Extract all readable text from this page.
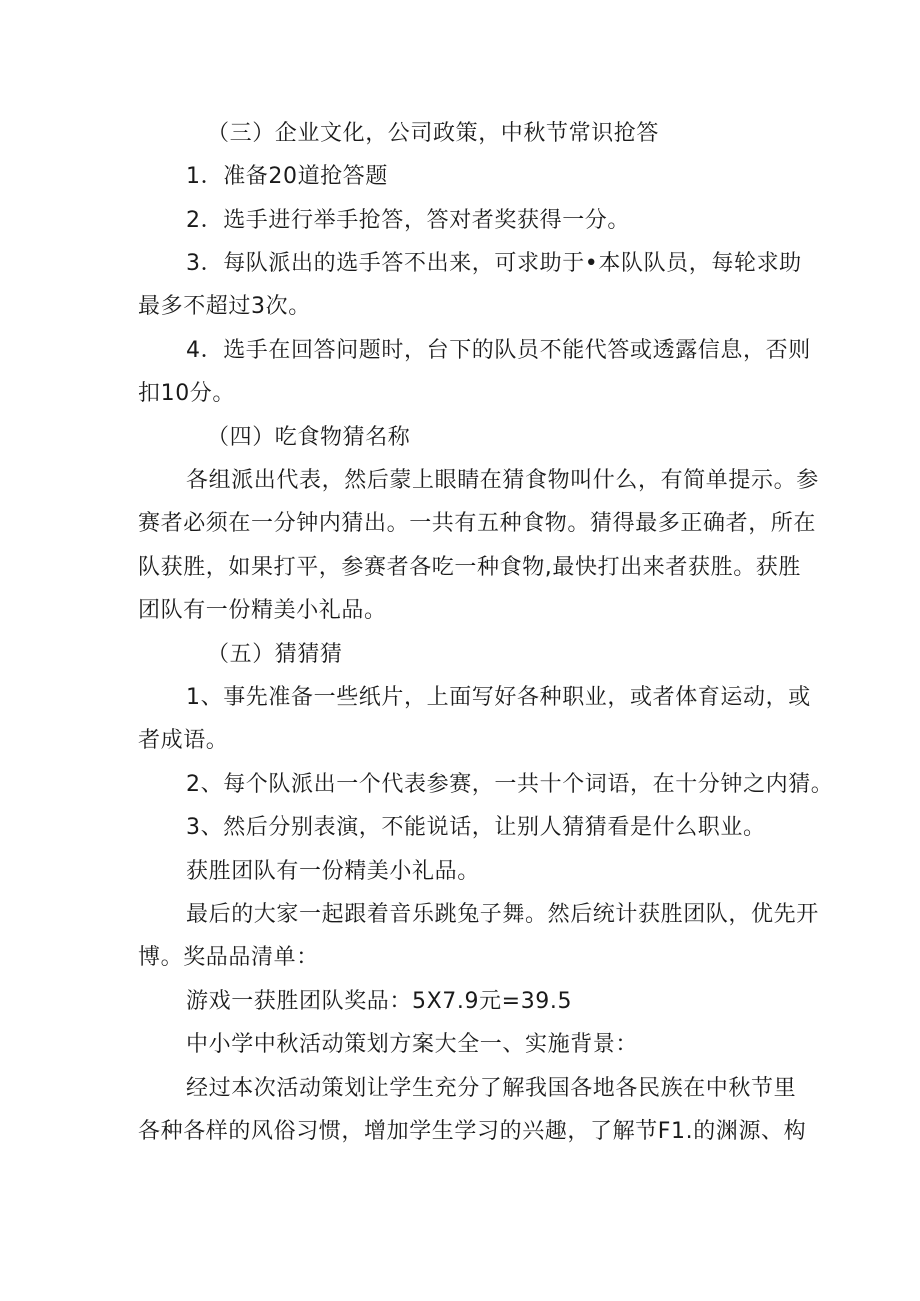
（三）企业文化，公司政策，中秋节常识抢答

1．准备20道抢答题

2．选手进行举手抢答，答对者奖获得一分。

3．每队派出的选手答不出来，可求助于•本队队员，每轮求助

最多不超过3次。

4．选手在回答问题时，台下的队员不能代答或透露信息，否则

扣10分。

（四）吃食物猜名称

各组派出代表，然后蒙上眼睛在猜食物叫什么，有简单提示。参

赛者必须在一分钟内猜出。一共有五种食物。猜得最多正确者，所在

队获胜，如果打平，参赛者各吃一种食物,最快打出来者获胜。获胜

团队有一份精美小礼品。

（五）猜猜猜

1、事先准备一些纸片，上面写好各种职业，或者体育运动，或

者成语。

2、每个队派出一个代表参赛，一共十个词语，在十分钟之内猜。

3、然后分别表演，不能说话，让别人猜猜看是什么职业。

获胜团队有一份精美小礼品。

最后的大家一起跟着音乐跳兔子舞。然后统计获胜团队，优先开

博。奖品品清单：

游戏一获胜团队奖品：5X7.9元=39.5

中小学中秋活动策划方案大全一、实施背景：

经过本次活动策划让学生充分了解我国各地各民族在中秋节里

各种各样的风俗习惯，增加学生学习的兴趣，了解节F1.的渊源、构
